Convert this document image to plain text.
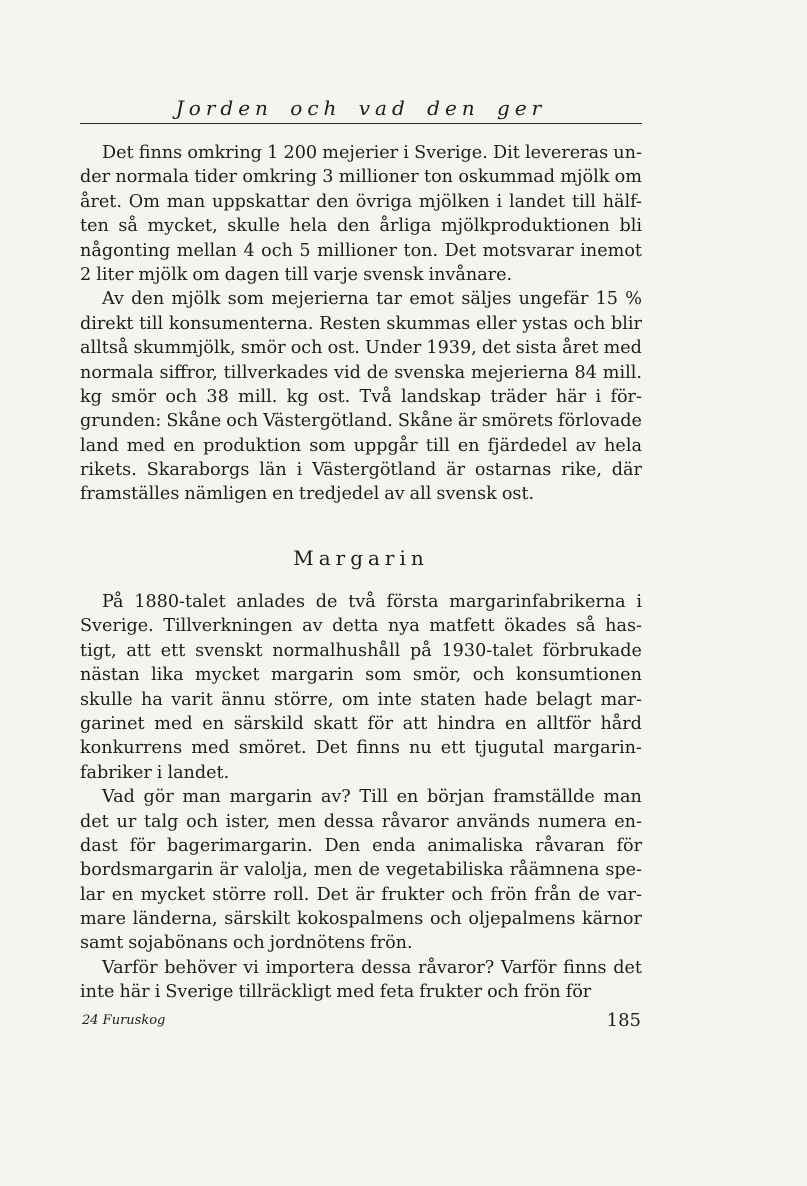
Jorden och vad den ger
Det finns omkring 1 200 mejerier i Sverige. Dit levereras un-
der normala tider omkring 3 millioner ton oskummad mjölk om
året. Om man uppskattar den övriga mjölken i landet till hälf-
ten så mycket, skulle hela den årliga mjölkproduktionen bli
någonting mellan 4 och 5 millioner ton. Det motsvarar inemot
2 liter mjölk om dagen till varje svensk invånare.
Av den mjölk som mejerierna tar emot säljes ungefär 15 %
direkt till konsumenterna. Resten skummas eller ystas och blir
alltså skummjölk, smör och ost. Under 1939, det sista året med
normala siffror, tillverkades vid de svenska mejerierna 84 mill.
kg smör och 38 mill. kg ost. Två landskap träder här i för-
grunden: Skåne och Västergötland. Skåne är smörets förlovade
land med en produktion som uppgår till en fjärdedel av hela
rikets. Skaraborgs län i Västergötland är ostarnas rike, där
framställes nämligen en tredjedel av all svensk ost.
Margarin
På 1880-talet anlades de två första margarinfabrikerna i
Sverige. Tillverkningen av detta nya matfett ökades så has-
tigt, att ett svenskt normalhushåll på 1930-talet förbrukade
nästan lika mycket margarin som smör, och konsumtionen
skulle ha varit ännu större, om inte staten hade belagt mar-
garinet med en särskild skatt för att hindra en alltför hård
konkurrens med smöret. Det finns nu ett tjugutal margarin-
fabriker i landet.
Vad gör man margarin av? Till en början framställde man
det ur talg och ister, men dessa råvaror används numera en-
dast för bagerimargarin. Den enda animaliska råvaran för
bordsmargarin är valolja, men de vegetabiliska råämnena spe-
lar en mycket större roll. Det är frukter och frön från de var-
mare länderna, särskilt kokospalmens och oljepalmens kärnor
samt sojabönans och jordnötens frön.
Varför behöver vi importera dessa råvaror? Varför finns det
inte här i Sverige tillräckligt med feta frukter och frön för
24 Furuskog	185
